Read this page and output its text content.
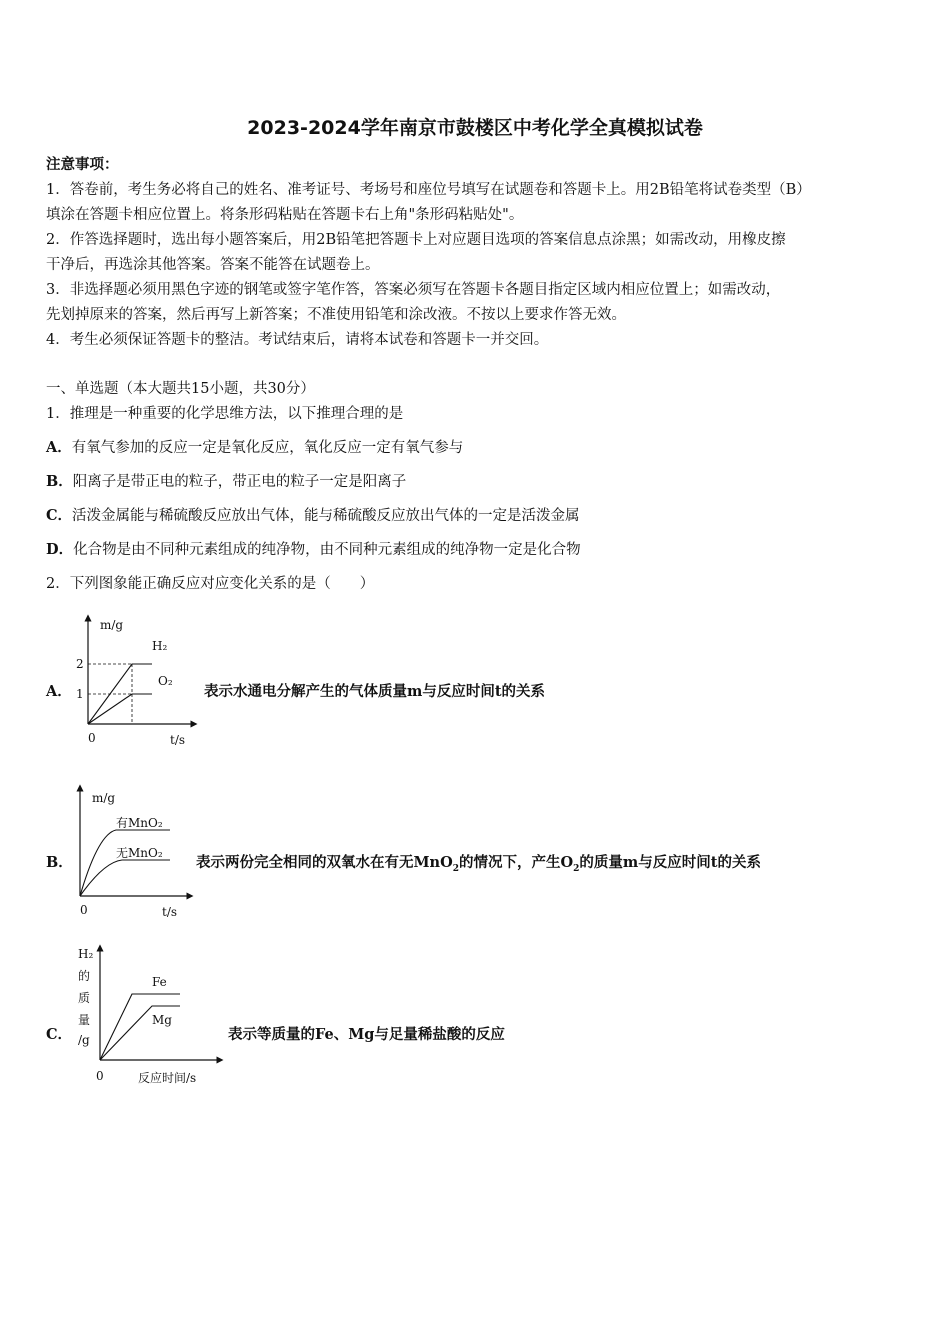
2023-2024学年南京市鼓楼区中考化学全真模拟试卷
注意事项：
1．答卷前，考生务必将自己的姓名、准考证号、考场号和座位号填写在试题卷和答题卡上。用2B铅笔将试卷类型（B）
填涂在答题卡相应位置上。将条形码粘贴在答题卡右上角"条形码粘贴处"。
2．作答选择题时，选出每小题答案后，用2B铅笔把答题卡上对应题目选项的答案信息点涂黑；如需改动，用橡皮擦
干净后，再选涂其他答案。答案不能答在试题卷上。
3．非选择题必须用黑色字迹的钢笔或签字笔作答，答案必须写在答题卡各题目指定区域内相应位置上；如需改动，
先划掉原来的答案，然后再写上新答案；不准使用铅笔和涂改液。不按以上要求作答无效。
4．考生必须保证答题卡的整洁。考试结束后，请将本试卷和答题卡一并交回。
一、单选题（本大题共15小题，共30分）
1．推理是一种重要的化学思维方法，以下推理合理的是
A．有氧气参加的反应一定是氧化反应，氧化反应一定有氧气参与
B．阳离子是带正电的粒子，带正电的粒子一定是阳离子
C．活泼金属能与稀硫酸反应放出气体，能与稀硫酸反应放出气体的一定是活泼金属
D．化合物是由不同种元素组成的纯净物，由不同种元素组成的纯净物一定是化合物
2．下列图象能正确反应对应变化关系的是（　　）
A．
m/g
t/s
0
2
1
H₂
O₂
表示水通电分解产生的气体质量m与反应时间t的关系
B．
m/g
t/s
0
有MnO₂
无MnO₂
表示两份完全相同的双氧水在有无MnO$_2$的情况下，产生$O_2$的质量m与反应时间t的关系
C．
H₂
的
质
量
/g
0	反应时间/s
Fe
Mg
表示等质量的Fe、Mg与足量稀盐酸的反应
